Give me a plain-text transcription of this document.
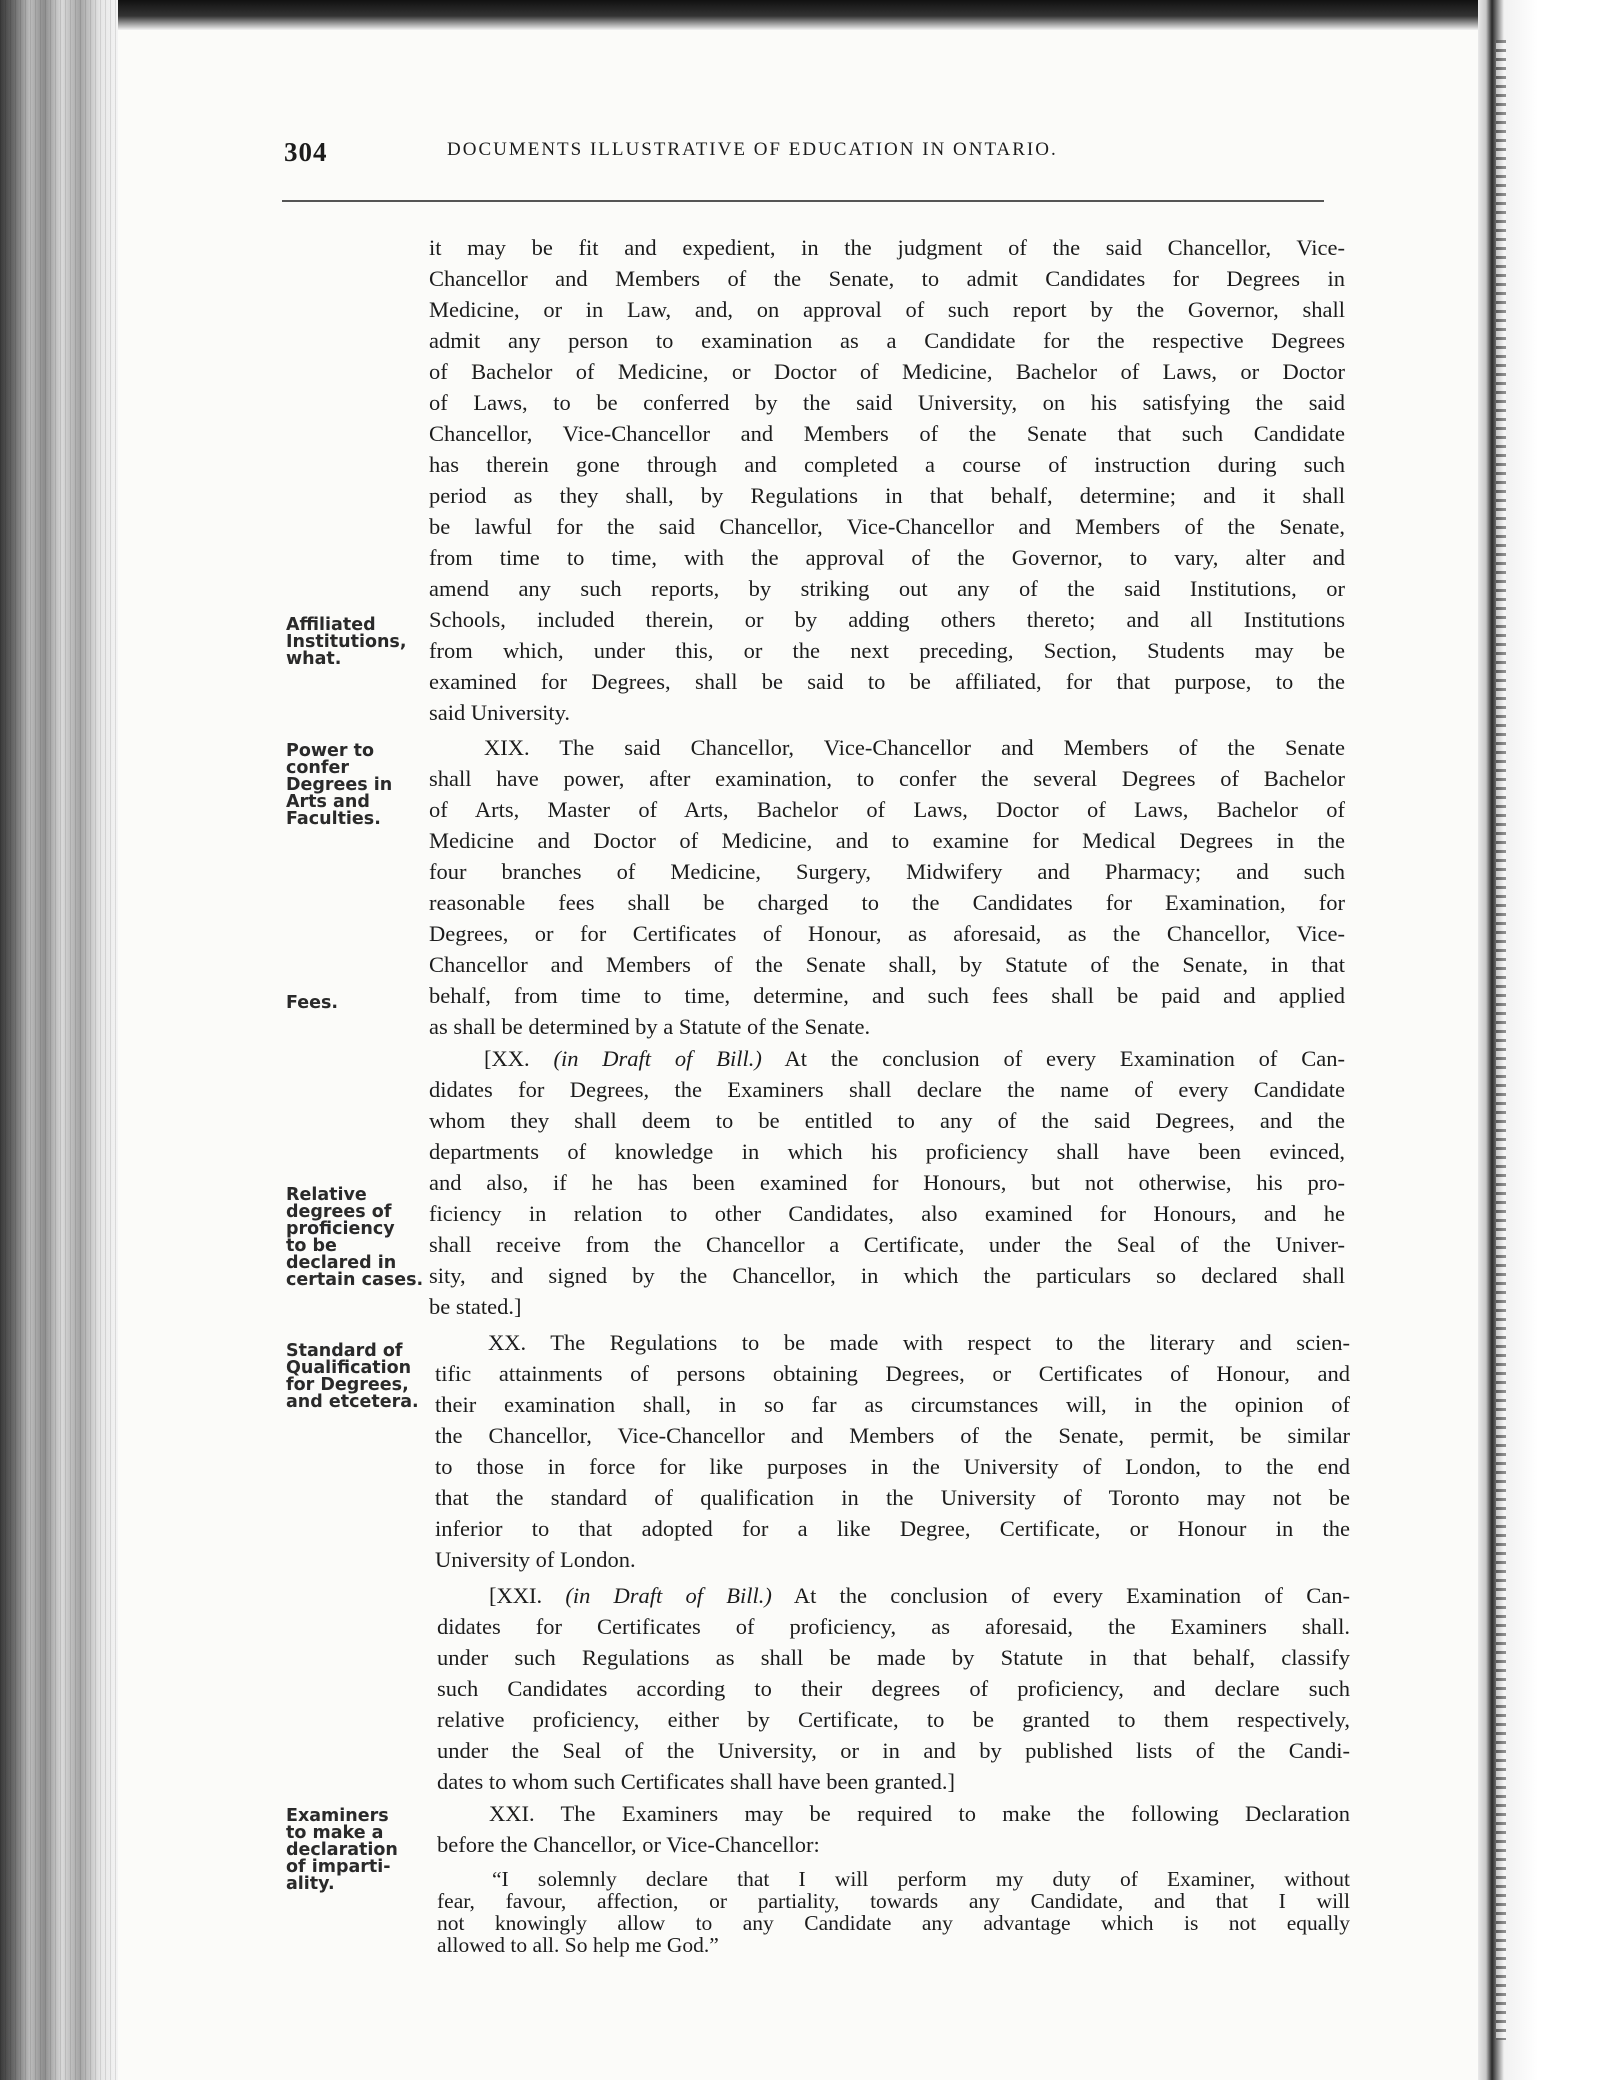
304	DOCUMENTS ILLUSTRATIVE OF EDUCATION IN ONTARIO.
Affiliated
Institutions,
what.
Power to
confer
Degrees in
Arts and
Faculties.
Fees.
Relative
degrees of
proficiency
to be
declared in
certain cases.
Standard of
Qualification
for Degrees,
and etcetera.
Examiners
to make a
declaration
of imparti-
ality.
it may be fit and expedient, in the judgment of the said Chancellor, Vice-
Chancellor and Members of the Senate, to admit Candidates for Degrees in
Medicine, or in Law, and, on approval of such report by the Governor, shall
admit any person to examination as a Candidate for the respective Degrees
of Bachelor of Medicine, or Doctor of Medicine, Bachelor of Laws, or Doctor
of Laws, to be conferred by the said University, on his satisfying the said
Chancellor, Vice-Chancellor and Members of the Senate that such Candidate
has therein gone through and completed a course of instruction during such
period as they shall, by Regulations in that behalf, determine; and it shall
be lawful for the said Chancellor, Vice-Chancellor and Members of the Senate,
from time to time, with the approval of the Governor, to vary, alter and
amend any such reports, by striking out any of the said Institutions, or
Schools, included therein, or by adding others thereto; and all Institutions
from which, under this, or the next preceding, Section, Students may be
examined for Degrees, shall be said to be affiliated, for that purpose, to the
said University.
XIX. The said Chancellor, Vice-Chancellor and Members of the Senate
shall have power, after examination, to confer the several Degrees of Bachelor
of Arts, Master of Arts, Bachelor of Laws, Doctor of Laws, Bachelor of
Medicine and Doctor of Medicine, and to examine for Medical Degrees in the
four branches of Medicine, Surgery, Midwifery and Pharmacy; and such
reasonable fees shall be charged to the Candidates for Examination, for
Degrees, or for Certificates of Honour, as aforesaid, as the Chancellor, Vice-
Chancellor and Members of the Senate shall, by Statute of the Senate, in that
behalf, from time to time, determine, and such fees shall be paid and applied
as shall be determined by a Statute of the Senate.
[XX. (in Draft of Bill.) At the conclusion of every Examination of Can-
didates for Degrees, the Examiners shall declare the name of every Candidate
whom they shall deem to be entitled to any of the said Degrees, and the
departments of knowledge in which his proficiency shall have been evinced,
and also, if he has been examined for Honours, but not otherwise, his pro-
ficiency in relation to other Candidates, also examined for Honours, and he
shall receive from the Chancellor a Certificate, under the Seal of the Univer-
sity, and signed by the Chancellor, in which the particulars so declared shall
be stated.]
XX. The Regulations to be made with respect to the literary and scien-
tific attainments of persons obtaining Degrees, or Certificates of Honour, and
their examination shall, in so far as circumstances will, in the opinion of
the Chancellor, Vice-Chancellor and Members of the Senate, permit, be similar
to those in force for like purposes in the University of London, to the end
that the standard of qualification in the University of Toronto may not be
inferior to that adopted for a like Degree, Certificate, or Honour in the
University of London.
[XXI. (in Draft of Bill.) At the conclusion of every Examination of Can-
didates for Certificates of proficiency, as aforesaid, the Examiners shall.
under such Regulations as shall be made by Statute in that behalf, classify
such Candidates according to their degrees of proficiency, and declare such
relative proficiency, either by Certificate, to be granted to them respectively,
under the Seal of the University, or in and by published lists of the Candi-
dates to whom such Certificates shall have been granted.]
XXI. The Examiners may be required to make the following Declaration
before the Chancellor, or Vice-Chancellor:
“I solemnly declare that I will perform my duty of Examiner, without
fear, favour, affection, or partiality, towards any Candidate, and that I will
not knowingly allow to any Candidate any advantage which is not equally
allowed to all. So help me God.”
